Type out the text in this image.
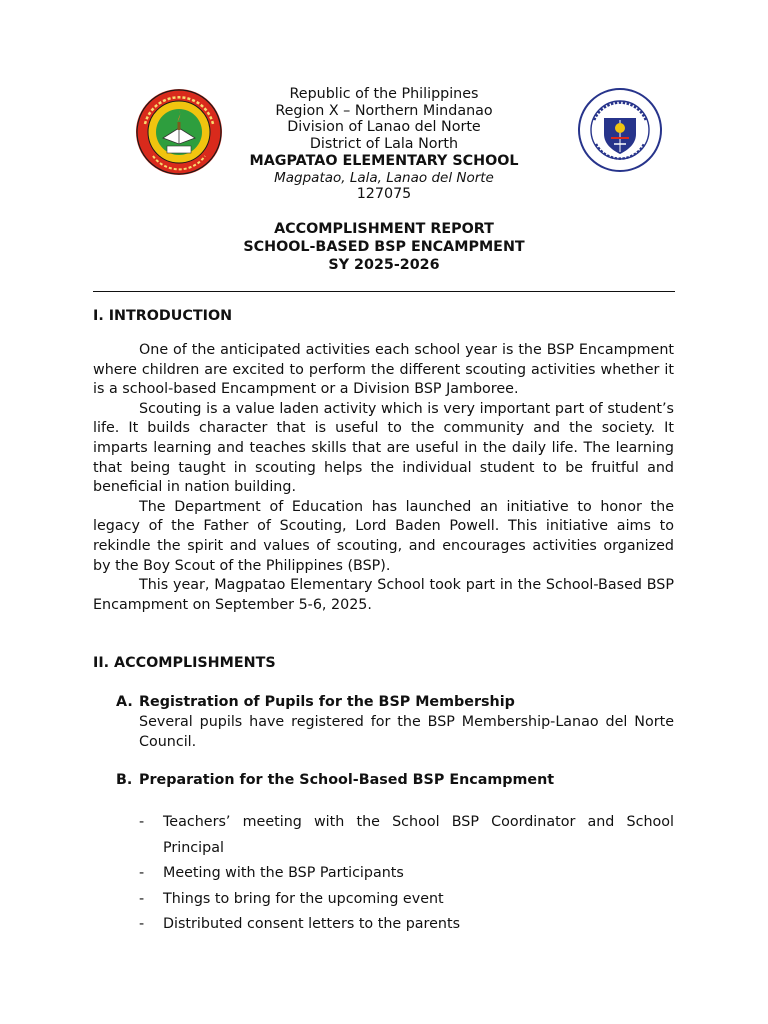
Republic of the Philippines
Region X – Northern Mindanao
Division of Lanao del Norte
District of Lala North
MAGPATAO ELEMENTARY SCHOOL
Magpatao, Lala, Lanao del Norte
127075
ACCOMPLISHMENT REPORT
SCHOOL-BASED BSP ENCAMPMENT
SY 2025-2026
I. INTRODUCTION

One of the anticipated activities each school year is the BSP Encampment where children are excited to perform the different scouting activities whether it is a school-based Encampment or a Division BSP Jamboree.

Scouting is a value laden activity which is very important part of student’s life. It builds character that is useful to the community and the society. It imparts learning and teaches skills that are useful in the daily life. The learning that being taught in scouting helps the individual student to be fruitful and beneficial in nation building.

The Department of Education has launched an initiative to honor the legacy of the Father of Scouting, Lord Baden Powell. This initiative aims to rekindle the spirit and values of scouting, and encourages activities organized by the Boy Scout of the Philippines (BSP).

This year, Magpatao Elementary School took part in the School-Based BSP Encampment on September 5-6, 2025.

II. ACCOMPLISHMENTS
A. Registration of Pupils for the BSP Membership
Several pupils have registered for the BSP Membership-Lanao del Norte Council.
B. Preparation for the School-Based BSP Encampment
- Teachers’ meeting with the School BSP Coordinator and School Principal
- Meeting with the BSP Participants
- Things to bring for the upcoming event
- Distributed consent letters to the parents
